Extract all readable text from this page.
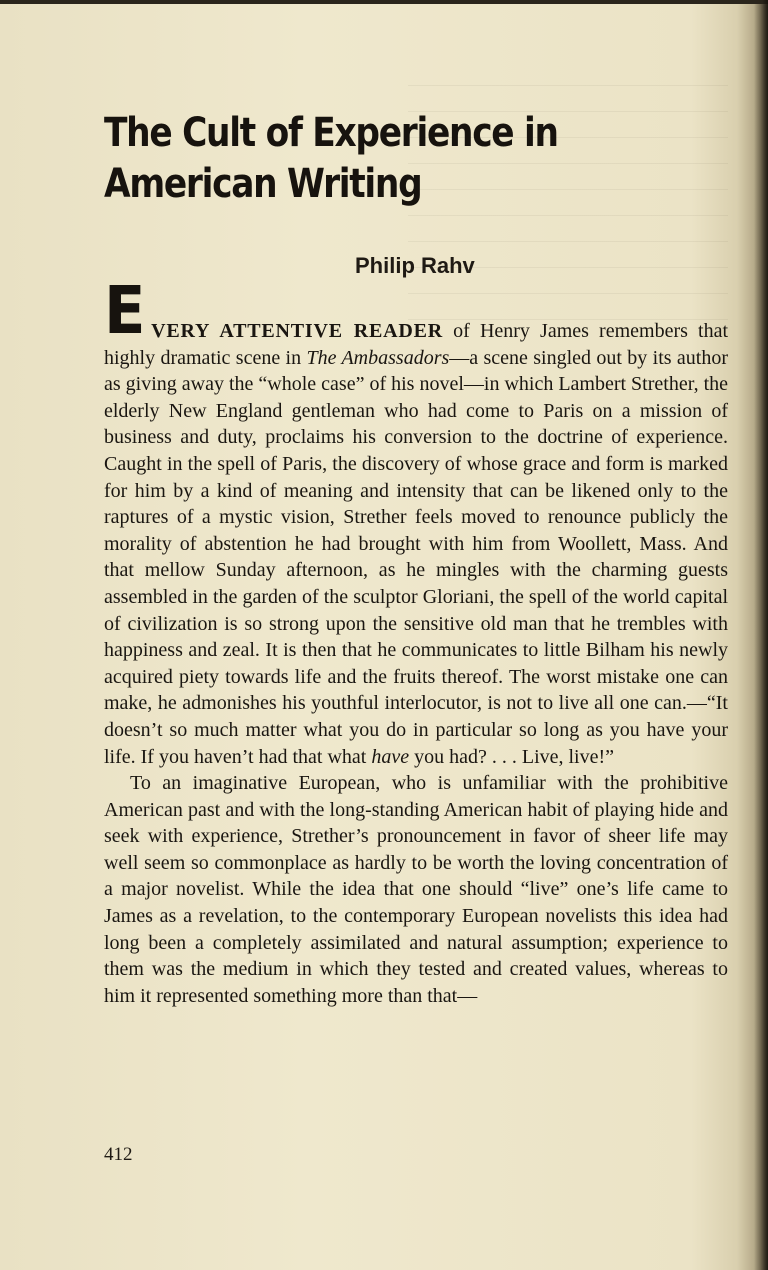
The Cult of Experience in
American Writing
Philip Rahv

EVERY ATTENTIVE READER of Henry James remembers that highly dramatic scene in The Ambassadors—a scene singled out by its author as giving away the “whole case” of his novel—in which Lambert Strether, the elderly New England gentleman who had come to Paris on a mission of business and duty, proclaims his conversion to the doctrine of experience. Caught in the spell of Paris, the discovery of whose grace and form is marked for him by a kind of meaning and intensity that can be likened only to the raptures of a mystic vision, Strether feels moved to renounce publicly the morality of abstention he had brought with him from Woollett, Mass. And that mellow Sunday afternoon, as he mingles with the charming guests assembled in the garden of the sculptor Gloriani, the spell of the world capital of civilization is so strong upon the sensitive old man that he trembles with happiness and zeal. It is then that he communicates to little Bilham his newly acquired piety towards life and the fruits thereof. The worst mistake one can make, he admonishes his youthful interlocutor, is not to live all one can.—“It doesn’t so much matter what you do in particular so long as you have your life. If you haven’t had that what have you had? . . . Live, live!”

To an imaginative European, who is unfamiliar with the prohibitive American past and with the long-standing American habit of playing hide and seek with experience, Strether’s pronouncement in favor of sheer life may well seem so commonplace as hardly to be worth the loving concentration of a major novelist. While the idea that one should “live” one’s life came to James as a revelation, to the contemporary European novelists this idea had long been a completely assimilated and natural assumption; experience to them was the medium in which they tested and created values, whereas to him it represented something more than that—

412
